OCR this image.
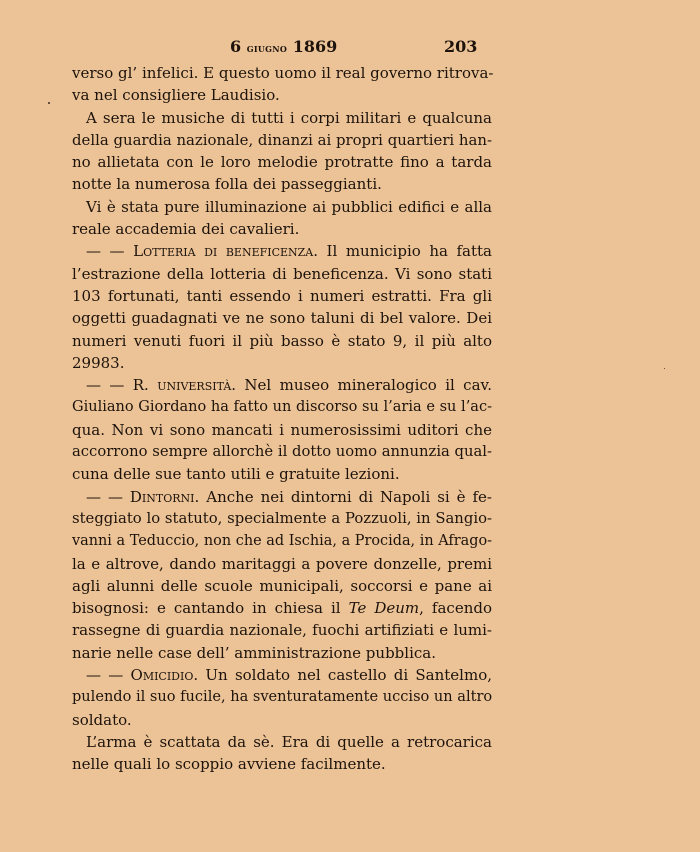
6 giugno 1869	203
verso gl’ infelici. E questo uomo il real governo ritrova-
va nel consigliere Laudisio.
A sera le musiche di tutti i corpi militari e qualcuna
della guardia nazionale, dinanzi ai propri quartieri han-
no allietata con le loro melodie protratte fino a tarda
notte la numerosa folla dei passeggianti.
Vi è stata pure illuminazione ai pubblici edifici e alla
reale accademia dei cavalieri.
— — Lotteria di beneficenza. Il municipio ha fatta
l’estrazione della lotteria di beneficenza. Vi sono stati
103 fortunati, tanti essendo i numeri estratti. Fra gli
oggetti guadagnati ve ne sono taluni di bel valore. Dei
numeri venuti fuori il più basso è stato 9, il più alto
29983.
— — R. università. Nel museo mineralogico il cav.
Giuliano Giordano ha fatto un discorso su l’aria e su l’ac-
qua. Non vi sono mancati i numerosissimi uditori che
accorrono sempre allorchè il dotto uomo annunzia qual-
cuna delle sue tanto utili e gratuite lezioni.
— — Dintorni. Anche nei dintorni di Napoli si è fe-
steggiato lo statuto, specialmente a Pozzuoli, in Sangio-
vanni a Teduccio, non che ad Ischia, a Procida, in Afrago-
la e altrove, dando maritaggi a povere donzelle, premi
agli alunni delle scuole municipali, soccorsi e pane ai
bisognosi: e cantando in chiesa il Te Deum, facendo
rassegne di guardia nazionale, fuochi artifiziati e lumi-
narie nelle case dell’ amministrazione pubblica.
— — Omicidio. Un soldato nel castello di Santelmo,
pulendo il suo fucile, ha sventuratamente ucciso un altro
soldato.
L’arma è scattata da sè. Era di quelle a retrocarica
nelle quali lo scoppio avviene facilmente.
